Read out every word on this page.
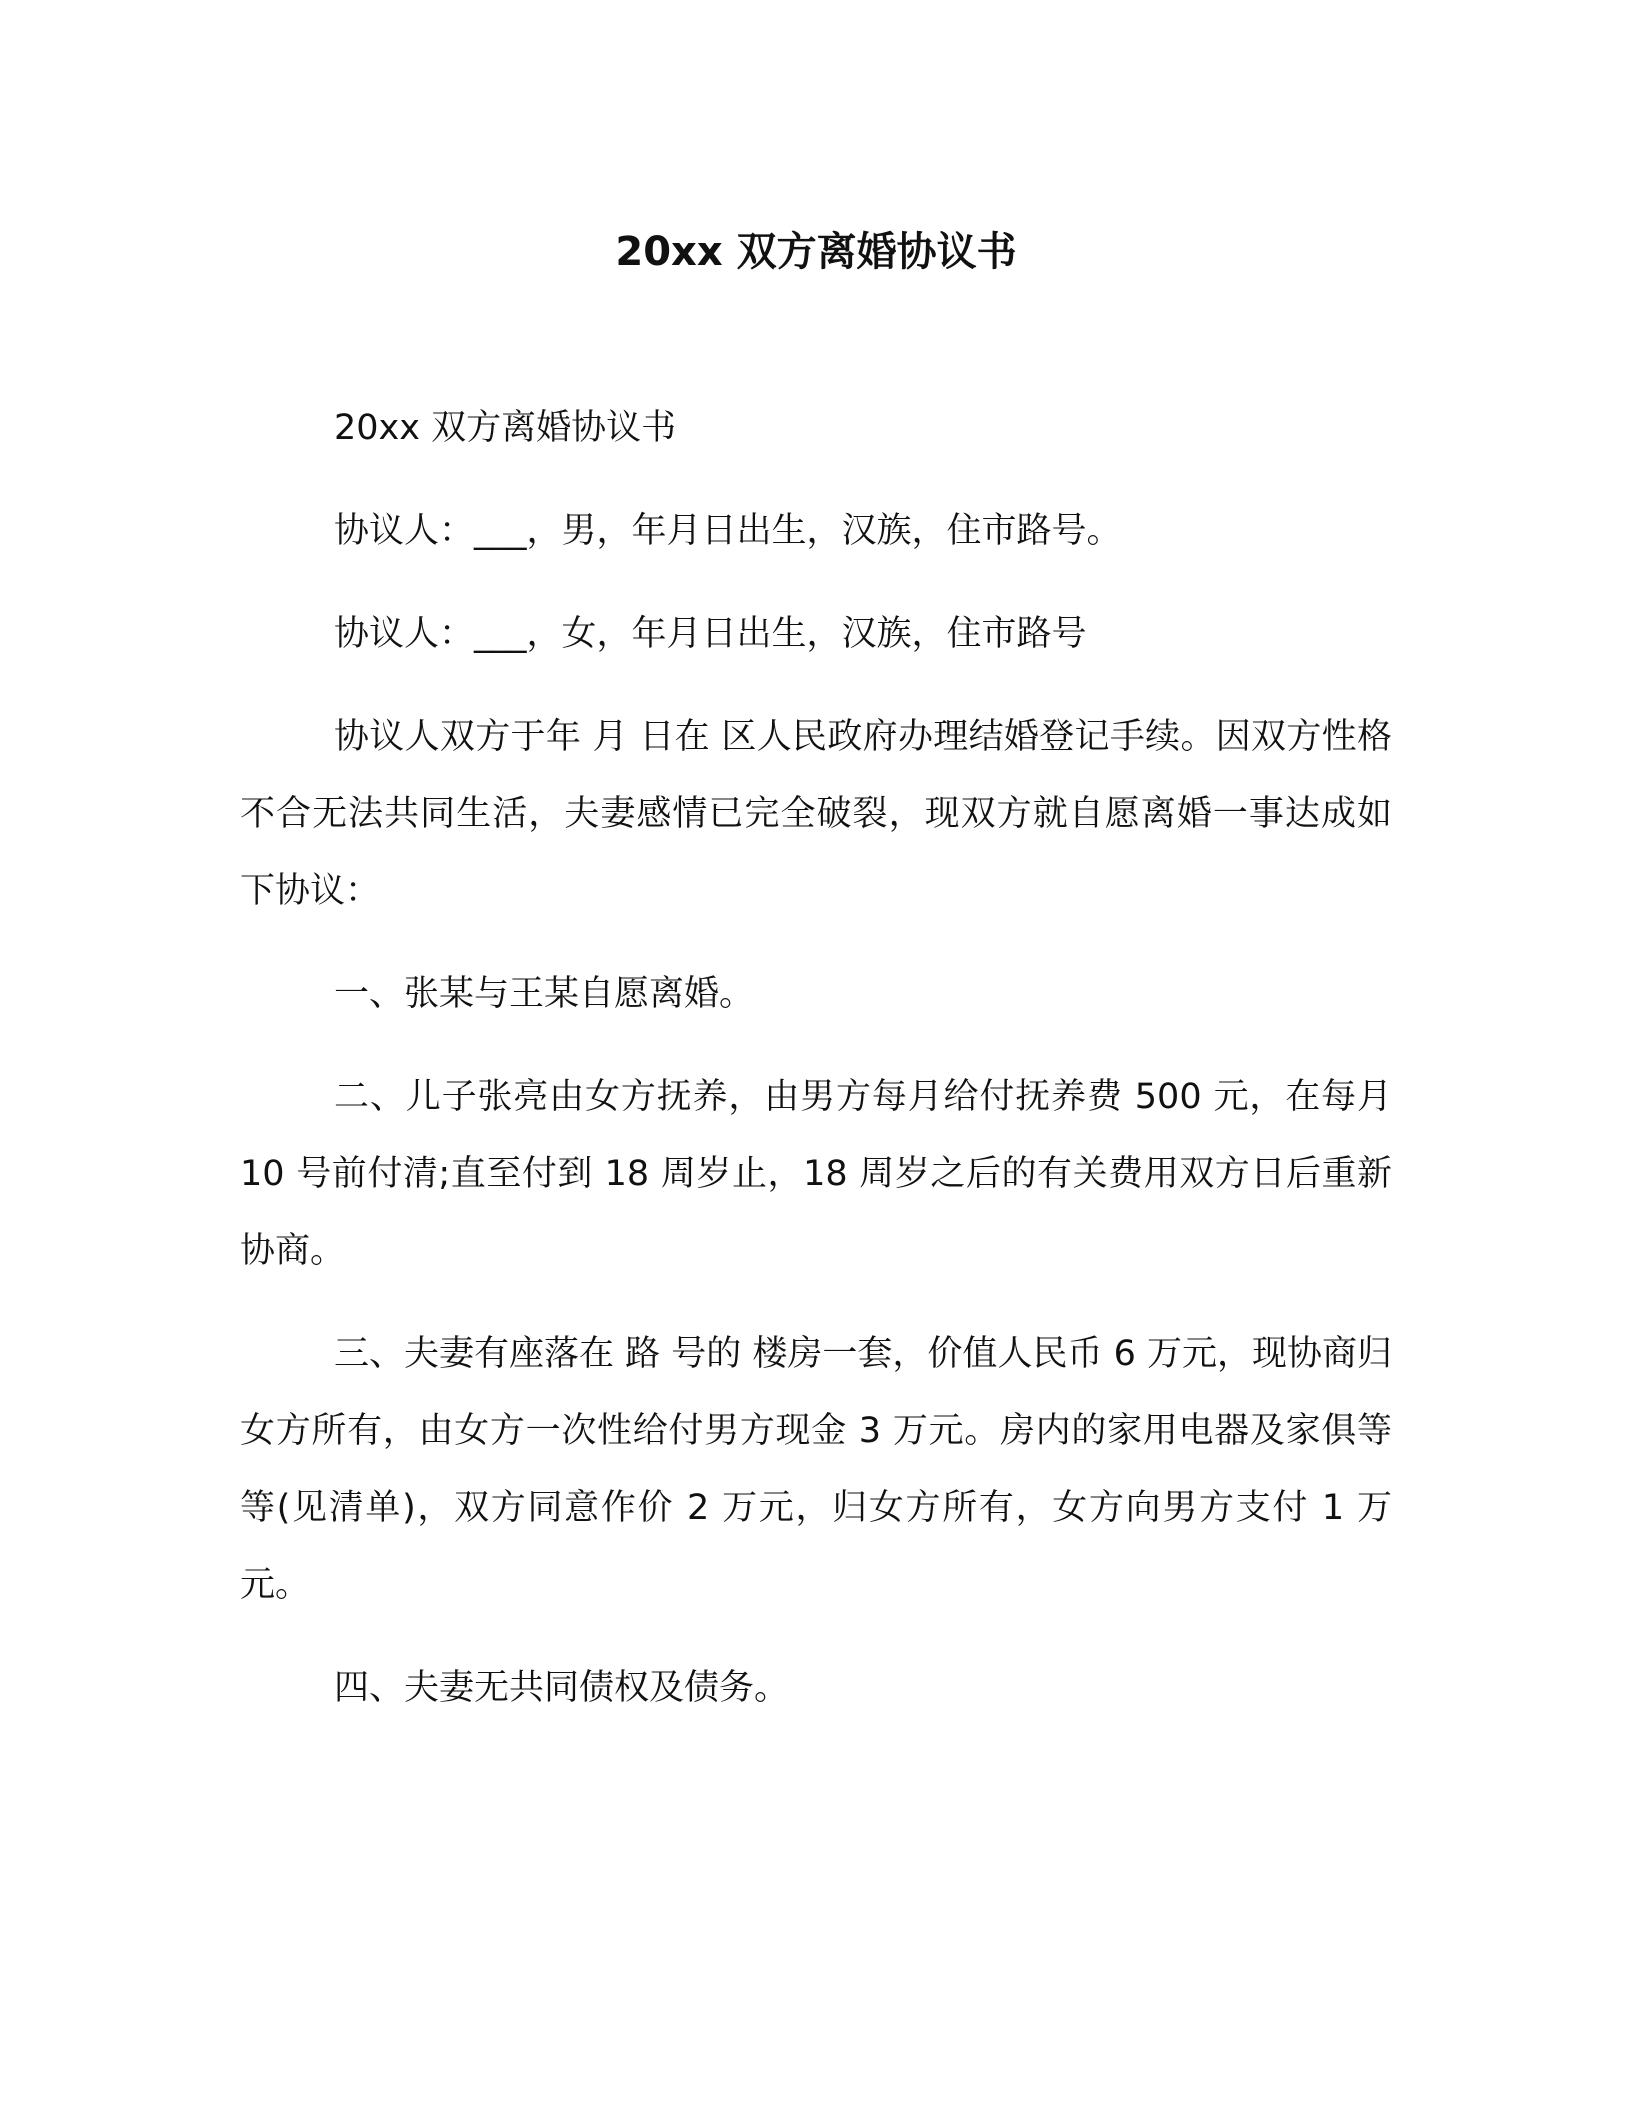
20xx 双方离婚协议书

20xx 双方离婚协议书

协议人：___，男，年月日出生，汉族，住市路号。

协议人：___，女，年月日出生，汉族，住市路号

协议人双方于年 月 日在 区人民政府办理结婚登记手续。因双方性格不合无法共同生活，夫妻感情已完全破裂，现双方就自愿离婚一事达成如下协议：

一、张某与王某自愿离婚。

二、儿子张亮由女方抚养，由男方每月给付抚养费 500 元，在每月 10 号前付清;直至付到 18 周岁止，18 周岁之后的有关费用双方日后重新协商。

三、夫妻有座落在 路 号的 楼房一套，价值人民币 6 万元，现协商归女方所有，由女方一次性给付男方现金 3 万元。房内的家用电器及家俱等等(见清单)，双方同意作价 2 万元，归女方所有，女方向男方支付 1 万元。

四、夫妻无共同债权及债务。
